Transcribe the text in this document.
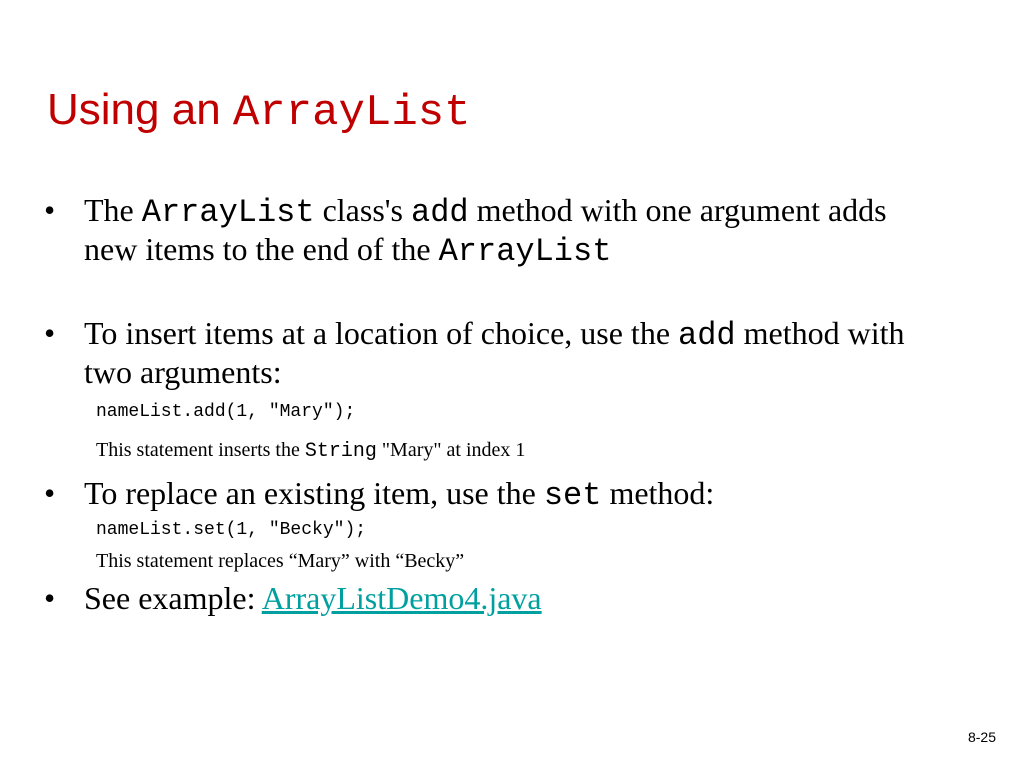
Using an ArrayList
• The ArrayList class's add method with one argument adds new items to the end of the ArrayList
• To insert items at a location of choice, use the add method with two arguments:
nameList.add(1, "Mary");
This statement inserts the String "Mary" at index 1
• To replace an existing item, use the set method:
nameList.set(1, "Becky");
This statement replaces “Mary” with “Becky”
• See example: ArrayListDemo4.java
8-25
